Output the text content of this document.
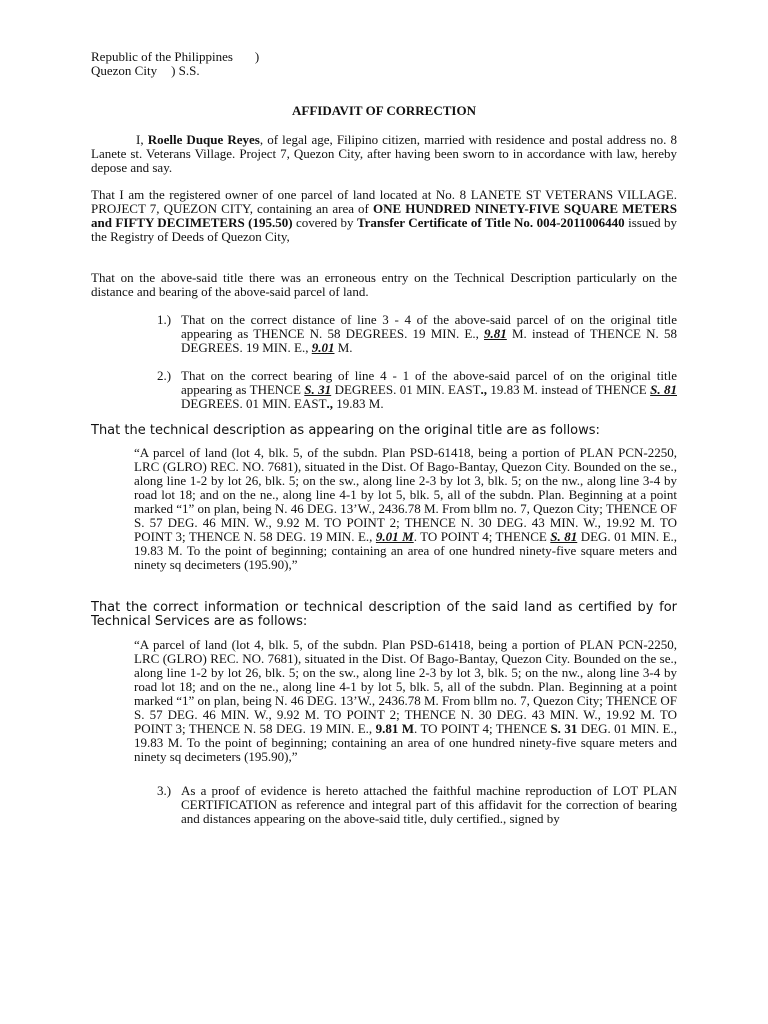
Republic of the Philippines )
Quezon City ) S.S.
AFFIDAVIT OF CORRECTION
I, Roelle Duque Reyes, of legal age, Filipino citizen, married with residence and postal address no. 8 Lanete st. Veterans Village. Project 7, Quezon City, after having been sworn to in accordance with law, hereby depose and say.
That I am the registered owner of one parcel of land located at No. 8 LANETE ST VETERANS VILLAGE. PROJECT 7, QUEZON CITY, containing an area of ONE HUNDRED NINETY-FIVE SQUARE METERS and FIFTY DECIMETERS (195.50) covered by Transfer Certificate of Title No. 004-2011006440 issued by the Registry of Deeds of Quezon City,
That on the above-said title there was an erroneous entry on the Technical Description particularly on the distance and bearing of the above-said parcel of land.
1.) That on the correct distance of line 3 - 4 of the above-said parcel of on the original title appearing as THENCE N. 58 DEGREES. 19 MIN. E., 9.81 M. instead of THENCE N. 58 DEGREES. 19 MIN. E., 9.01 M.
2.) That on the correct bearing of line 4 - 1 of the above-said parcel of on the original title appearing as THENCE S. 31 DEGREES. 01 MIN. EAST., 19.83 M. instead of THENCE S. 81 DEGREES. 01 MIN. EAST., 19.83 M.
That the technical description as appearing on the original title are as follows:
“A parcel of land (lot 4, blk. 5, of the subdn. Plan PSD-61418, being a portion of PLAN PCN-2250, LRC (GLRO) REC. NO. 7681), situated in the Dist. Of Bago-Bantay, Quezon City. Bounded on the se., along line 1-2 by lot 26, blk. 5; on the sw., along line 2-3 by lot 3, blk. 5; on the nw., along line 3-4 by road lot 18; and on the ne., along line 4-1 by lot 5, blk. 5, all of the subdn. Plan. Beginning at a point marked “1” on plan, being N. 46 DEG. 13’W., 2436.78 M. From bllm no. 7, Quezon City; THENCE OF S. 57 DEG. 46 MIN. W., 9.92 M. TO POINT 2; THENCE N. 30 DEG. 43 MIN. W., 19.92 M. TO POINT 3; THENCE N. 58 DEG. 19 MIN. E., 9.01 M. TO POINT 4; THENCE S. 81 DEG. 01 MIN. E., 19.83 M. To the point of beginning; containing an area of one hundred ninety-five square meters and ninety sq decimeters (195.90),”
That the correct information or technical description of the said land as certified by for Technical Services are as follows:
“A parcel of land (lot 4, blk. 5, of the subdn. Plan PSD-61418, being a portion of PLAN PCN-2250, LRC (GLRO) REC. NO. 7681), situated in the Dist. Of Bago-Bantay, Quezon City. Bounded on the se., along line 1-2 by lot 26, blk. 5; on the sw., along line 2-3 by lot 3, blk. 5; on the nw., along line 3-4 by road lot 18; and on the ne., along line 4-1 by lot 5, blk. 5, all of the subdn. Plan. Beginning at a point marked “1” on plan, being N. 46 DEG. 13’W., 2436.78 M. From bllm no. 7, Quezon City; THENCE OF S. 57 DEG. 46 MIN. W., 9.92 M. TO POINT 2; THENCE N. 30 DEG. 43 MIN. W., 19.92 M. TO POINT 3; THENCE N. 58 DEG. 19 MIN. E., 9.81 M. TO POINT 4; THENCE S. 31 DEG. 01 MIN. E., 19.83 M. To the point of beginning; containing an area of one hundred ninety-five square meters and ninety sq decimeters (195.90),”
3.) As a proof of evidence is hereto attached the faithful machine reproduction of LOT PLAN CERTIFICATION as reference and integral part of this affidavit for the correction of bearing and distances appearing on the above-said title, duly certified., signed by
